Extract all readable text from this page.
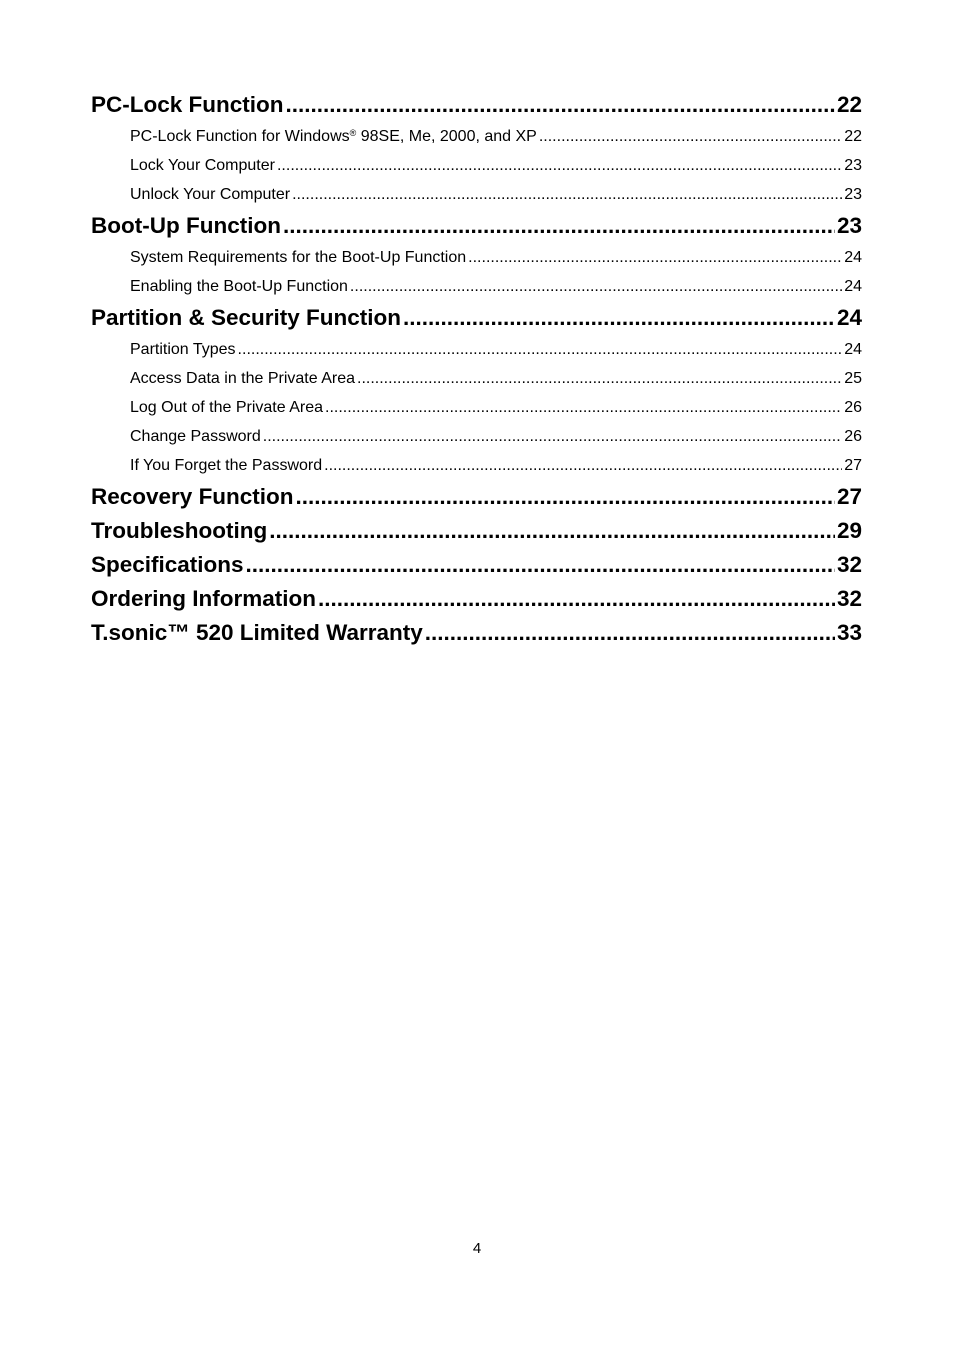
PC-Lock Function .....	22
PC-Lock Function for Windows® 98SE, Me, 2000, and XP .....	22
Lock Your Computer .....	23
Unlock Your Computer .....	23
Boot-Up Function .....	23
System Requirements for the Boot-Up Function .....	24
Enabling the Boot-Up Function .....	24
Partition & Security Function .....	24
Partition Types .....	24
Access Data in the Private Area .....	25
Log Out of the Private Area .....	26
Change Password .....	26
If You Forget the Password .....	27
Recovery Function .....	27
Troubleshooting .....	29
Specifications .....	32
Ordering Information .....	32
T.sonic™ 520 Limited Warranty .....	33
4
